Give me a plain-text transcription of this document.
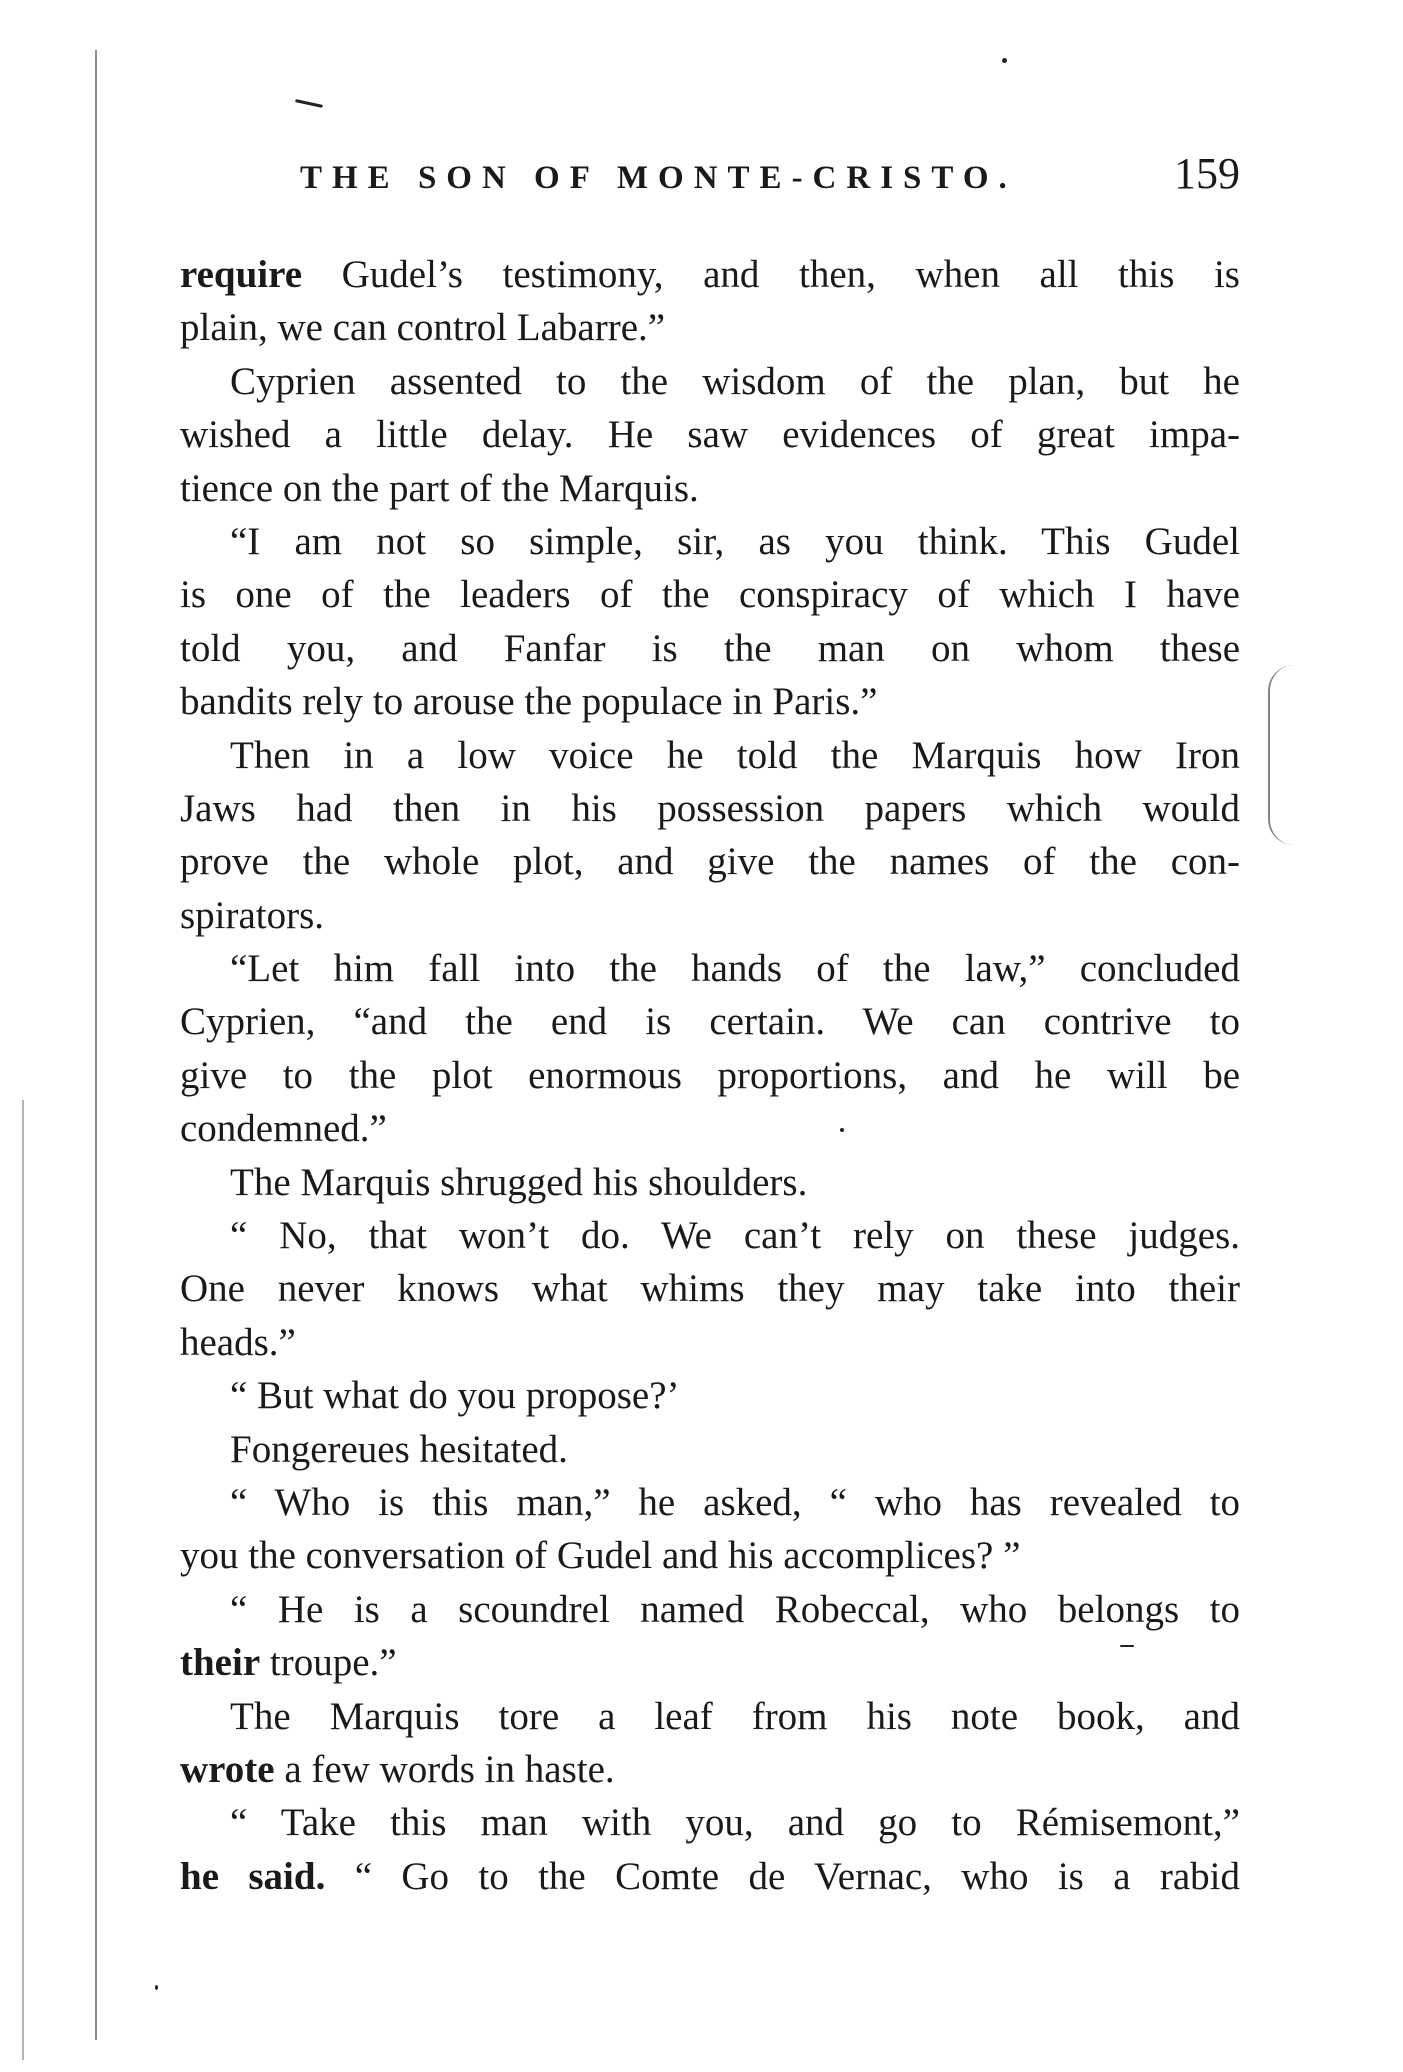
THE SON OF MONTE-CRISTO.	159
require Gudel’s testimony, and then, when all this is
plain, we can control Labarre.”
Cyprien assented to the wisdom of the plan, but he
wished a little delay. He saw evidences of great impa-
tience on the part of the Marquis.
“I am not so simple, sir, as you think. This Gudel
is one of the leaders of the conspiracy of which I have
told you, and Fanfar is the man on whom these
bandits rely to arouse the populace in Paris.”
Then in a low voice he told the Marquis how Iron
Jaws had then in his possession papers which would
prove the whole plot, and give the names of the con-
spirators.
“Let him fall into the hands of the law,” concluded
Cyprien, “and the end is certain. We can contrive to
give to the plot enormous proportions, and he will be
condemned.”
The Marquis shrugged his shoulders.
“ No, that won’t do. We can’t rely on these judges.
One never knows what whims they may take into their
heads.”
“ But what do you propose?’
Fongereues hesitated.
“ Who is this man,” he asked, “ who has revealed to
you the conversation of Gudel and his accomplices? ”
“ He is a scoundrel named Robeccal, who belongs to
their troupe.”
The Marquis tore a leaf from his note book, and
wrote a few words in haste.
“ Take this man with you, and go to Rémisemont,”
he said. “ Go to the Comte de Vernac, who is a rabid
